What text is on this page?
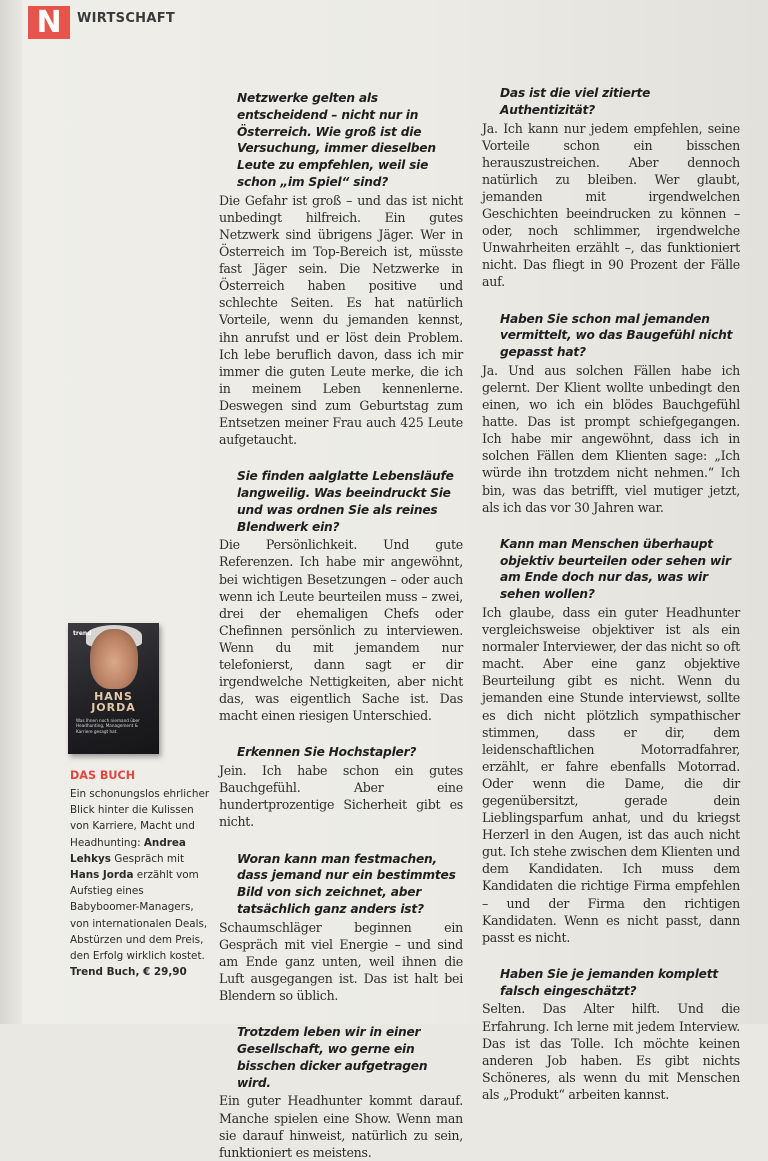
N WIRTSCHAFT

Netzwerke gelten als entscheidend – nicht nur in Österreich. Wie groß ist die Versuchung, immer dieselben Leute zu empfehlen, weil sie schon „im Spiel“ sind?

Die Gefahr ist groß – und das ist nicht unbedingt hilfreich. Ein gutes Netzwerk sind übrigens Jäger. Wer in Österreich im Top-Bereich ist, müsste fast Jäger sein. Die Netzwerke in Österreich haben positive und schlechte Seiten. Es hat natürlich Vorteile, wenn du jemanden kennst, ihn anrufst und er löst dein Problem. Ich lebe beruflich davon, dass ich mir immer die guten Leute merke, die ich in meinem Leben kennenlerne. Deswegen sind zum Geburtstag zum Entsetzen meiner Frau auch 425 Leute aufgetaucht.

Sie finden aalglatte Lebensläufe langweilig. Was beeindruckt Sie und was ordnen Sie als reines Blendwerk ein?

Die Persönlichkeit. Und gute Referenzen. Ich habe mir angewöhnt, bei wichtigen Besetzungen – oder auch wenn ich Leute beurteilen muss – zwei, drei der ehemaligen Chefs oder Chefinnen persönlich zu interviewen. Wenn du mit jemandem nur telefonierst, dann sagt er dir irgendwelche Nettigkeiten, aber nicht das, was eigentlich Sache ist. Das macht einen riesigen Unterschied.

Erkennen Sie Hochstapler?

Jein. Ich habe schon ein gutes Bauchgefühl. Aber eine hundertprozentige Sicherheit gibt es nicht.

Woran kann man festmachen, dass jemand nur ein bestimmtes Bild von sich zeichnet, aber tatsächlich ganz anders ist?

Schaumschläger beginnen ein Gespräch mit viel Energie – und sind am Ende ganz unten, weil ihnen die Luft ausgegangen ist. Das ist halt bei Blendern so üblich.

Trotzdem leben wir in einer Gesellschaft, wo gerne ein bisschen dicker aufgetragen wird.

Ein guter Headhunter kommt darauf. Manche spielen eine Show. Wenn man sie darauf hinweist, natürlich zu sein, funktioniert es meistens.

Das ist die viel zitierte Authentizität?

Ja. Ich kann nur jedem empfehlen, seine Vorteile schon ein bisschen herauszustreichen. Aber dennoch natürlich zu bleiben. Wer glaubt, jemanden mit irgendwelchen Geschichten beeindrucken zu können – oder, noch schlimmer, irgendwelche Unwahrheiten erzählt –, das funktioniert nicht. Das fliegt in 90 Prozent der Fälle auf.

Haben Sie schon mal jemanden vermittelt, wo das Baugefühl nicht gepasst hat?

Ja. Und aus solchen Fällen habe ich gelernt. Der Klient wollte unbedingt den einen, wo ich ein blödes Bauchgefühl hatte. Das ist prompt schiefgegangen. Ich habe mir angewöhnt, dass ich in solchen Fällen dem Klienten sage: „Ich würde ihn trotzdem nicht nehmen.“ Ich bin, was das betrifft, viel mutiger jetzt, als ich das vor 30 Jahren war.

Kann man Menschen überhaupt objektiv beurteilen oder sehen wir am Ende doch nur das, was wir sehen wollen?

Ich glaube, dass ein guter Headhunter vergleichsweise objektiver ist als ein normaler Interviewer, der das nicht so oft macht. Aber eine ganz objektive Beurteilung gibt es nicht. Wenn du jemanden eine Stunde interviewst, sollte es dich nicht plötzlich sympathischer stimmen, dass er dir, dem leidenschaftlichen Motorradfahrer, erzählt, er fahre ebenfalls Motorrad. Oder wenn die Dame, die dir gegenübersitzt, gerade dein Lieblingsparfum anhat, und du kriegst Herzerl in den Augen, ist das auch nicht gut. Ich stehe zwischen dem Klienten und dem Kandidaten. Ich muss dem Kandidaten die richtige Firma empfehlen – und der Firma den richtigen Kandidaten. Wenn es nicht passt, dann passt es nicht.

Haben Sie je jemanden komplett falsch eingeschätzt?

Selten. Das Alter hilft. Und die Erfahrung. Ich lerne mit jedem Interview. Das ist das Tolle. Ich möchte keinen anderen Job haben. Es gibt nichts Schöneres, als wenn du mit Menschen als „Produkt“ arbeiten kannst.

trend
HANS
JORDA
Was Ihnen noch niemand über Headhunting, Management & Karriere gesagt hat.
DAS BUCH
Ein schonungslos ehrlicher Blick hinter die Kulissen von Karriere, Macht und Headhunting: Andrea Lehkys Gespräch mit Hans Jorda erzählt vom Aufstieg eines Babyboomer-Managers, von internationalen Deals, Abstürzen und dem Preis, den Erfolg wirklich kostet. Trend Buch, € 29,90
